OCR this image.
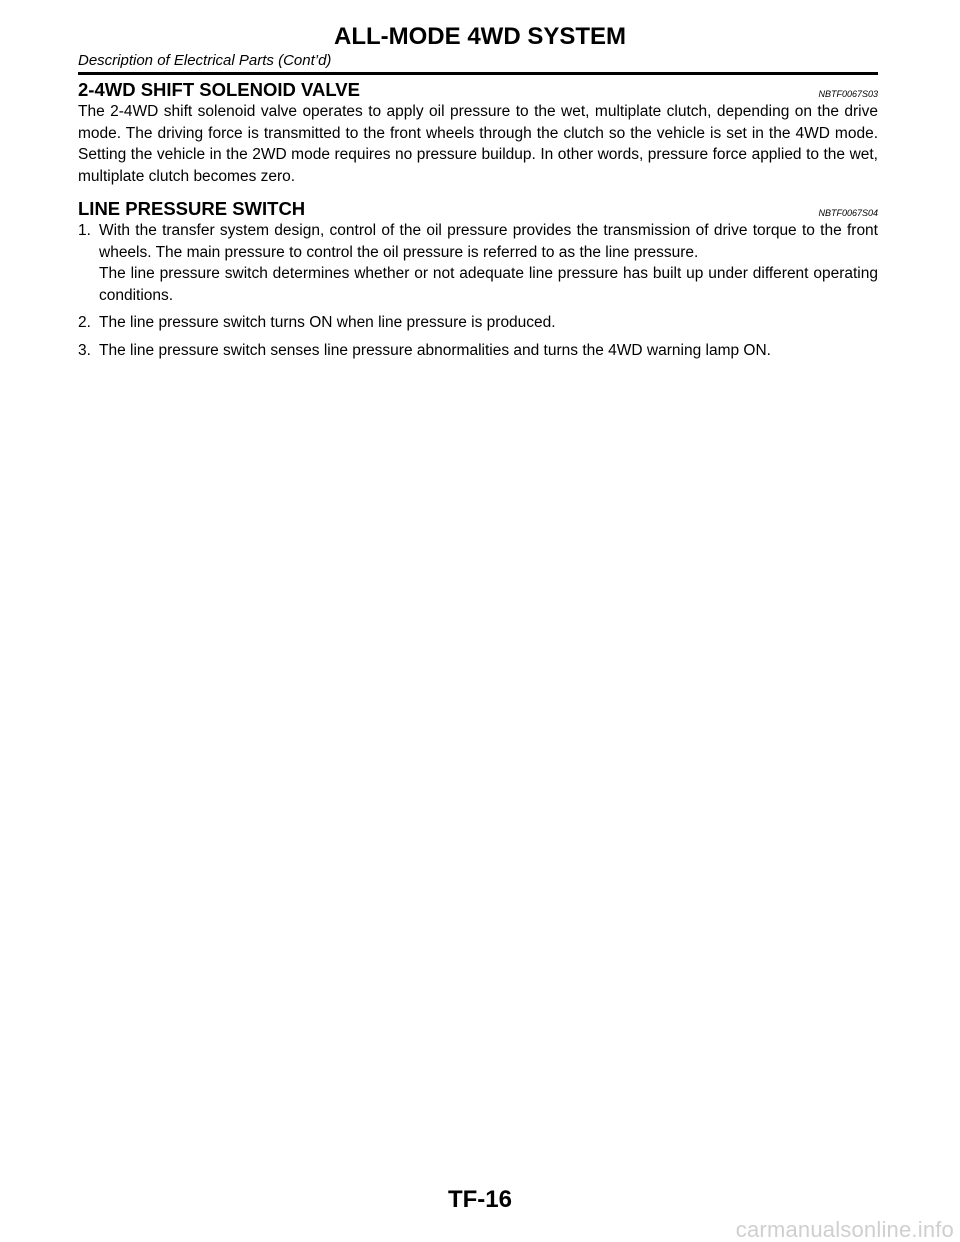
ALL-MODE 4WD SYSTEM
Description of Electrical Parts (Cont’d)
2-4WD SHIFT SOLENOID VALVE	NBTF0067S03

The 2-4WD shift solenoid valve operates to apply oil pressure to the wet, multiplate clutch, depending on the drive mode. The driving force is transmitted to the front wheels through the clutch so the vehicle is set in the 4WD mode. Setting the vehicle in the 2WD mode requires no pressure buildup. In other words, pressure force applied to the wet, multiplate clutch becomes zero.

LINE PRESSURE SWITCH	NBTF0067S04
1. With the transfer system design, control of the oil pressure provides the transmission of drive torque to the front wheels. The main pressure to control the oil pressure is referred to as the line pressure.

The line pressure switch determines whether or not adequate line pressure has built up under different operating conditions.

2. The line pressure switch turns ON when line pressure is produced.

3. The line pressure switch senses line pressure abnormalities and turns the 4WD warning lamp ON.

TF-16
carmanualsonline.info
